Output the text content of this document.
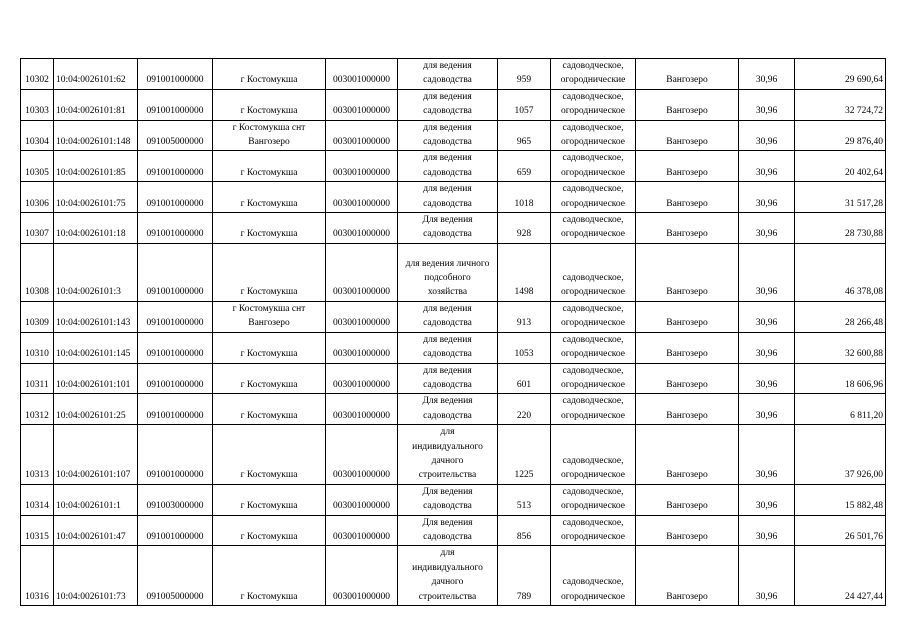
10302	10:04:0026101:62	091001000000	г Костомукша	003001000000	для ведения
садоводства	959	садоводческое,
огороднические	Вангозеро	30,96	29 690,64
10303	10:04:0026101:81	091001000000	г Костомукша	003001000000	для ведения
садоводства	1057	садоводческое,
огородническое	Вангозеро	30,96	32 724,72
10304	10:04:0026101:148	091005000000	г Костомукша снт
Вангозеро	003001000000	для ведения
садоводства	965	садоводческое,
огородническое	Вангозеро	30,96	29 876,40
10305	10:04:0026101:85	091001000000	г Костомукша	003001000000	для ведения
садоводства	659	садоводческое,
огородническое	Вангозеро	30,96	20 402,64
10306	10:04:0026101:75	091001000000	г Костомукша	003001000000	для ведения
садоводства	1018	садоводческое,
огородническое	Вангозеро	30,96	31 517,28
10307	10:04:0026101:18	091001000000	г Костомукша	003001000000	Для ведения
садоводства	928	садоводческое,
огородническое	Вангозеро	30,96	28 730,88
10308	10:04:0026101:3	091001000000	г Костомукша	003001000000	для ведения личного
подсобного
хозяйства	1498	садоводческое,
огородническое	Вангозеро	30,96	46 378,08
10309	10:04:0026101:143	091001000000	г Костомукша снт
Вангозеро	003001000000	для ведения
садоводства	913	садоводческое,
огородническое	Вангозеро	30,96	28 266,48
10310	10:04:0026101:145	091001000000	г Костомукша	003001000000	для ведения
садоводства	1053	садоводческое,
огородническое	Вангозеро	30,96	32 600,88
10311	10:04:0026101:101	091001000000	г Костомукша	003001000000	для ведения
садоводства	601	садоводческое,
огородническое	Вангозеро	30,96	18 606,96
10312	10:04:0026101:25	091001000000	г Костомукша	003001000000	Для ведения
садоводства	220	садоводческое,
огородническое	Вангозеро	30,96	6 811,20
10313	10:04:0026101:107	091001000000	г Костомукша	003001000000	для
индивидуального
дачного
строительства	1225	садоводческое,
огородническое	Вангозеро	30,96	37 926,00
10314	10:04:0026101:1	091003000000	г Костомукша	003001000000	Для ведения
садоводства	513	садоводческое,
огородническое	Вангозеро	30,96	15 882,48
10315	10:04:0026101:47	091001000000	г Костомукша	003001000000	Для ведения
садоводства	856	садоводческое,
огородническое	Вангозеро	30,96	26 501,76
10316	10:04:0026101:73	091005000000	г Костомукша	003001000000	для
индивидуального
дачного
строительства	789	садоводческое,
огородническое	Вангозеро	30,96	24 427,44
